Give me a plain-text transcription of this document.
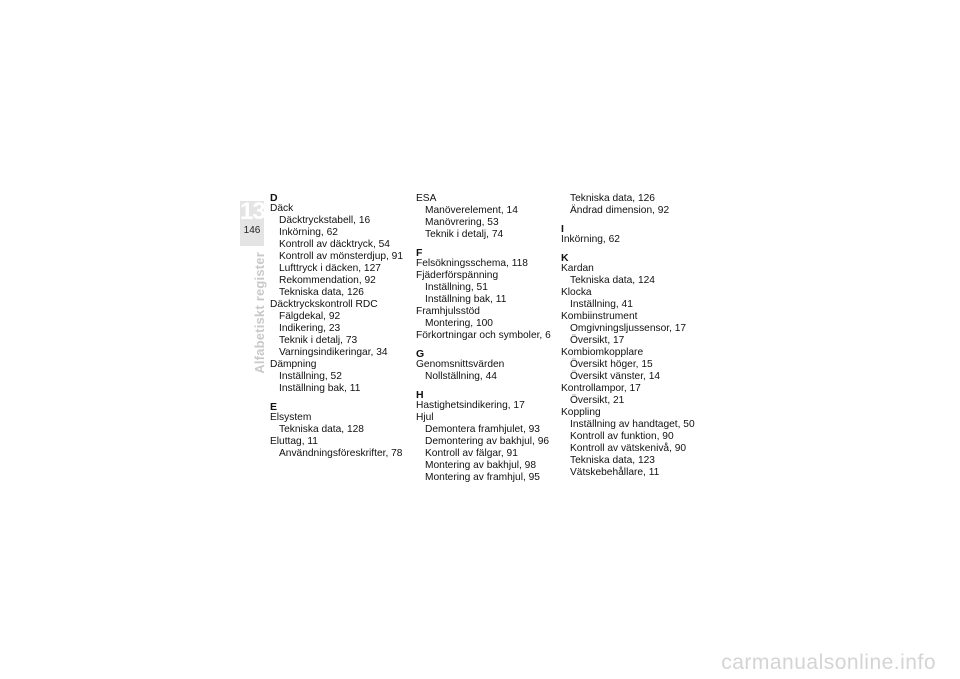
13
146
Alfabetiskt register
D
Däck
Däcktryckstabell, 16
Inkörning, 62
Kontroll av däcktryck, 54
Kontroll av mönsterdjup, 91
Lufttryck i däcken, 127
Rekommendation, 92
Tekniska data, 126
Däcktryckskontroll RDC
Fälgdekal, 92
Indikering, 23
Teknik i detalj, 73
Varningsindikeringar, 34
Dämpning
Inställning, 52
Inställning bak, 11
E
Elsystem
Tekniska data, 128
Eluttag, 11
Användningsföreskrifter, 78
ESA
Manöverelement, 14
Manövrering, 53
Teknik i detalj, 74
F
Felsökningsschema, 118
Fjäderförspänning
Inställning, 51
Inställning bak, 11
Framhjulsstöd
Montering, 100
Förkortningar och symboler, 6
G
Genomsnittsvärden
Nollställning, 44
H
Hastighetsindikering, 17
Hjul
Demontera framhjulet, 93
Demontering av bakhjul, 96
Kontroll av fälgar, 91
Montering av bakhjul, 98
Montering av framhjul, 95
Tekniska data, 126
Ändrad dimension, 92
I
Inkörning, 62
K
Kardan
Tekniska data, 124
Klocka
Inställning, 41
Kombiinstrument
Omgivningsljussensor, 17
Översikt, 17
Kombiomkopplare
Översikt höger, 15
Översikt vänster, 14
Kontrollampor, 17
Översikt, 21
Koppling
Inställning av handtaget, 50
Kontroll av funktion, 90
Kontroll av vätskenivå, 90
Tekniska data, 123
Vätskebehållare, 11
carmanualsonline.info
